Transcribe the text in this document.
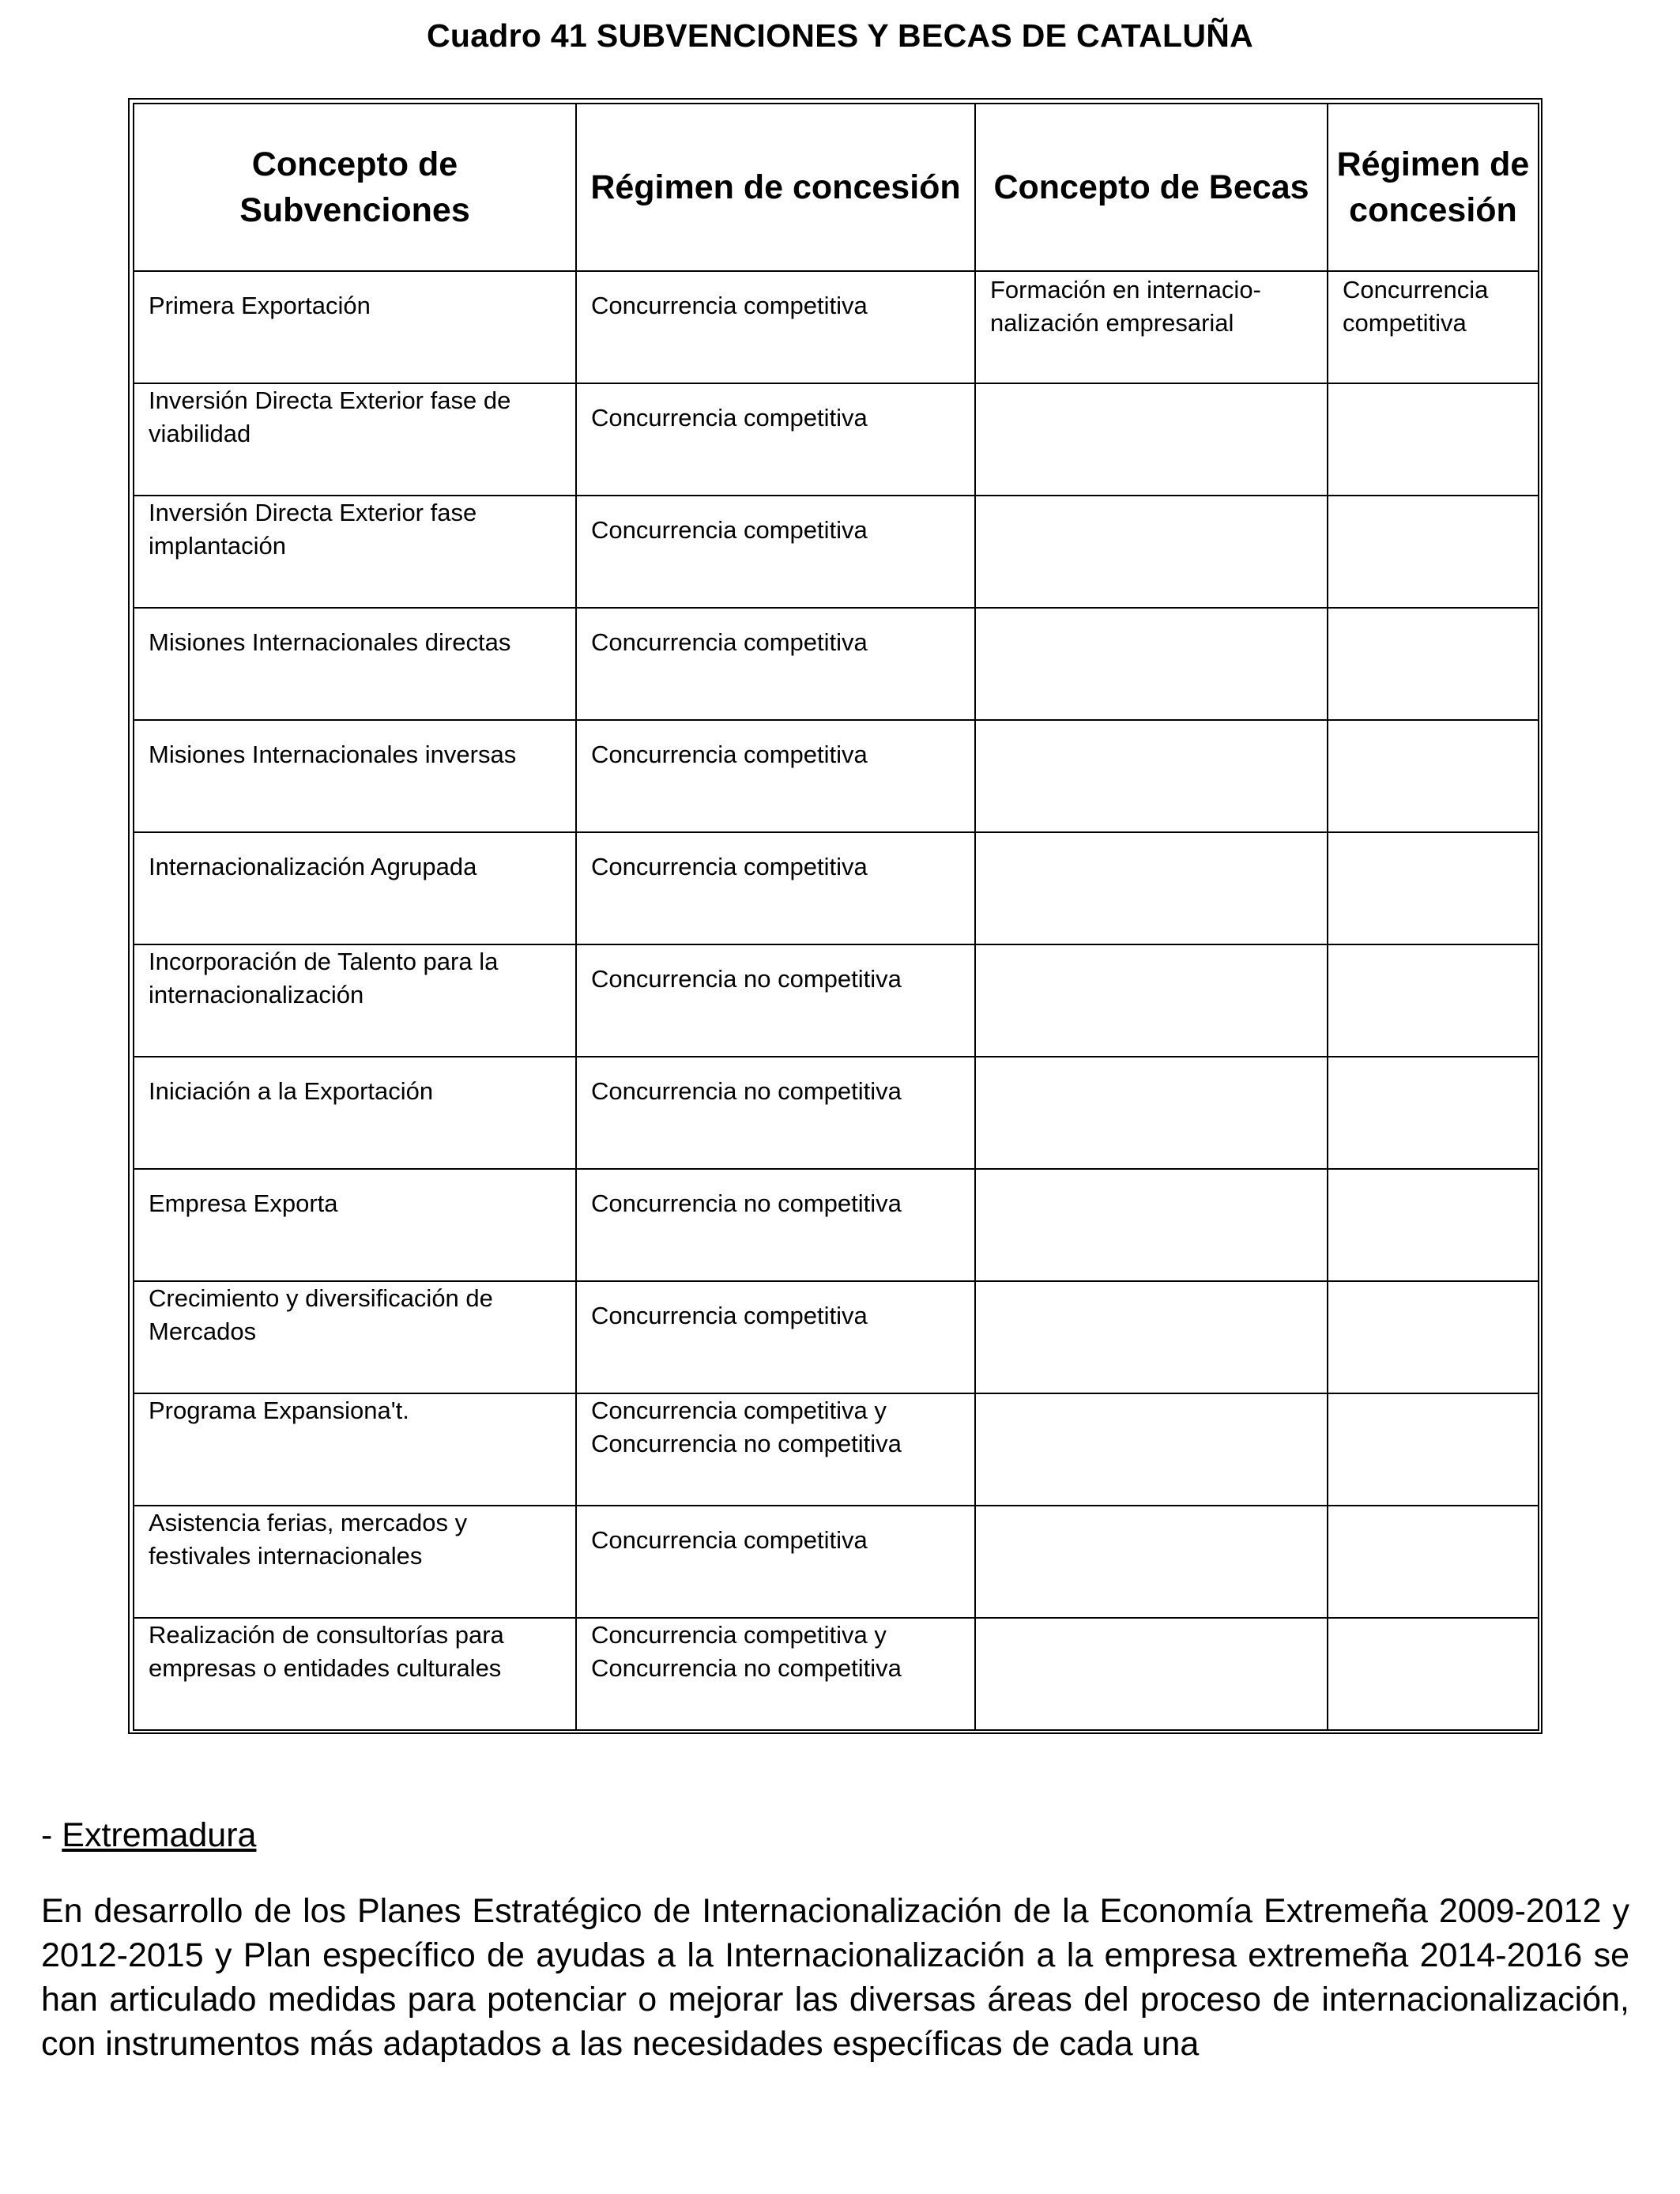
Cuadro 41 SUBVENCIONES Y BECAS DE CATALUÑA
Concepto de Subvenciones	Régimen de concesión	Concepto de Becas	Régimen de concesión
Primera Exportación	Concurrencia competitiva	Formación en internacio-nalización empresarial	Concurrencia competitiva
Inversión Directa Exterior fase de viabilidad	Concurrencia competitiva		
Inversión Directa Exterior fase implantación	Concurrencia competitiva		
Misiones Internacionales directas	Concurrencia competitiva		
Misiones Internacionales inversas	Concurrencia competitiva		
Internacionalización Agrupada	Concurrencia competitiva		
Incorporación de Talento para la internacionalización	Concurrencia no competitiva		
Iniciación a la Exportación	Concurrencia no competitiva		
Empresa Exporta	Concurrencia no competitiva		
Crecimiento y diversificación de Mercados	Concurrencia competitiva		
Programa Expansiona't.	Concurrencia competitiva y Concurrencia no competitiva		
Asistencia ferias, mercados y festivales internacionales	Concurrencia competitiva		
Realización de consultorías para empresas o entidades culturales	Concurrencia competitiva y Concurrencia no competitiva		
- Extremadura
En desarrollo de los Planes Estratégico de Internacionalización de la Economía Extremeña 2009-2012 y 2012-2015 y Plan específico de ayudas a la Internacionalización a la empresa extremeña 2014-2016 se han articulado medidas para potenciar o mejorar las diversas áreas del proceso de internacionalización, con instrumentos más adaptados a las necesidades específicas de cada una
